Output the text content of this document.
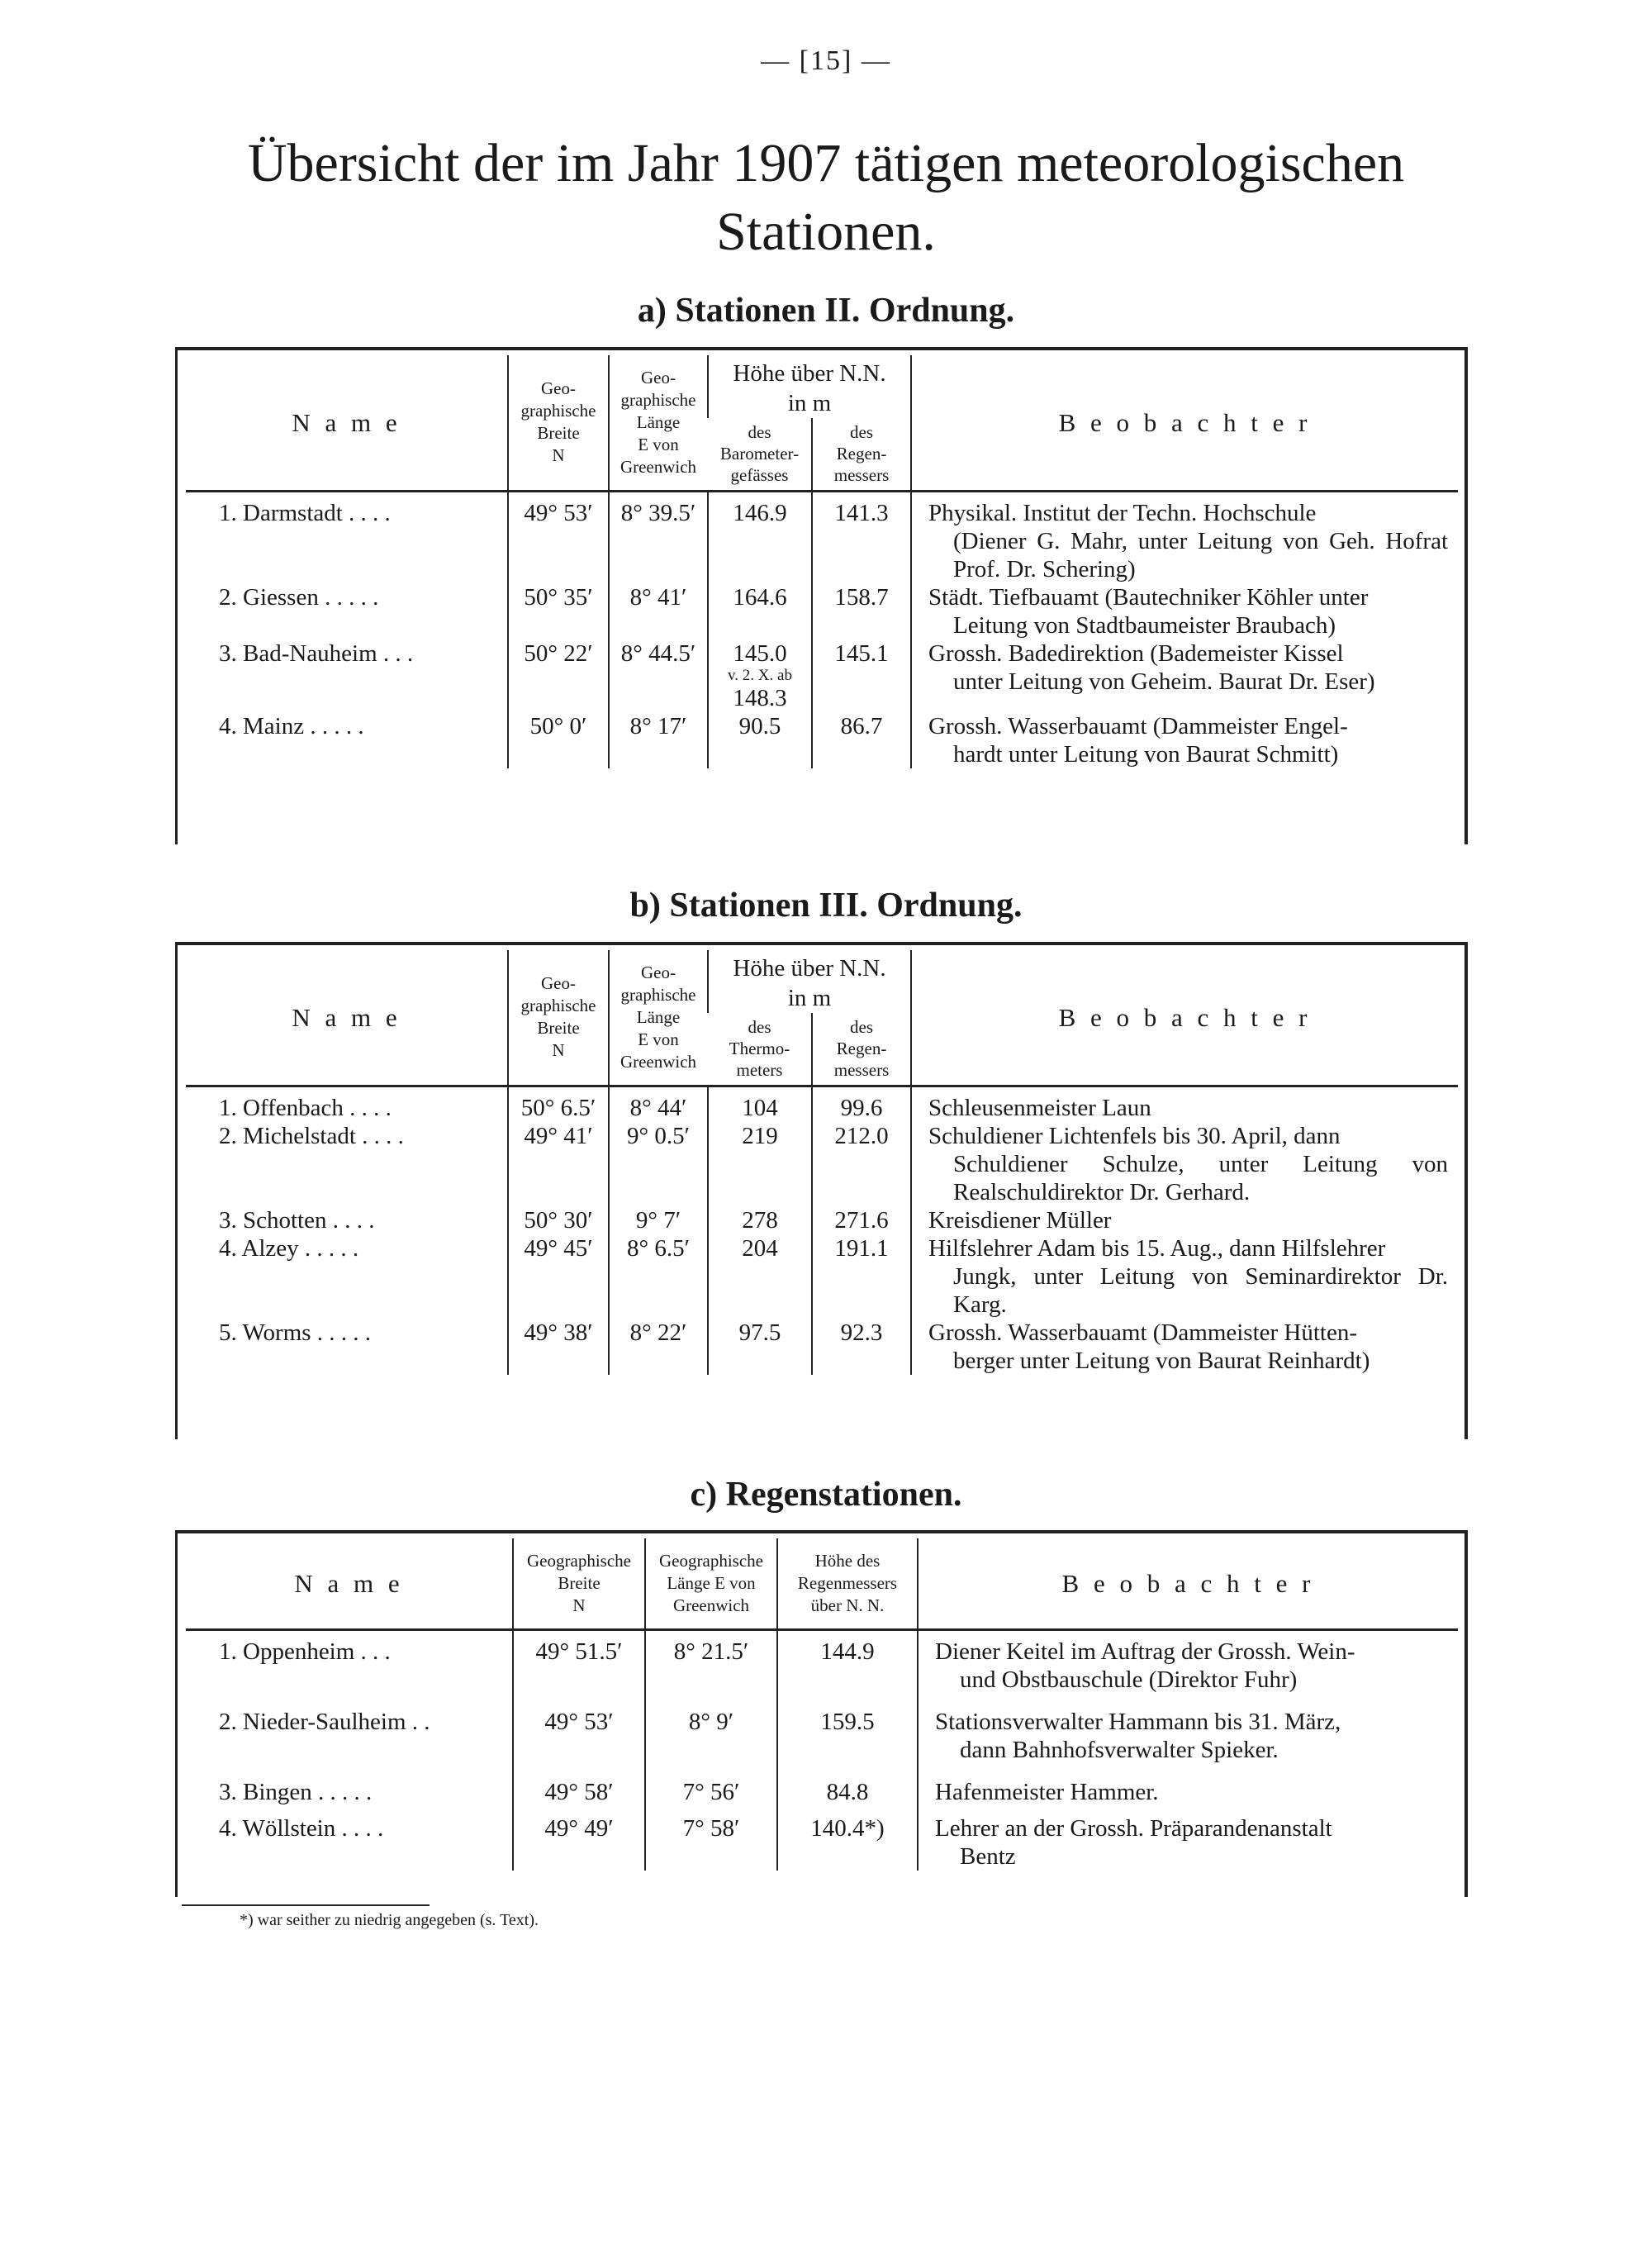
— [15] —
Übersicht der im Jahr 1907 tätigen meteorologischen
Stationen.
a) Stationen II. Ordnung.
N a m e	Geo-
graphische
Breite
N	Geo-
graphische
Länge
E von
Greenwich	Höhe über N.N.
in m		B e o b a c h t e r
			des
Barometer-
gefässes	des
Regen-
messers	

1. Darmstadt . . . .	49° 53′	8° 39.5′	146.9	141.3	Physikal. Institut der Techn. Hochschule
(Diener G. Mahr, unter Leitung von Geh. Hofrat Prof. Dr. Schering)

2. Giessen . . . . .	50° 35′	8° 41′	164.6	158.7	Städt. Tiefbauamt (Bautechniker Köhler unter
Leitung von Stadtbaumeister Braubach)

3. Bad-Nauheim . . .	50° 22′	8° 44.5′	145.0
v. 2. X. ab
148.3	145.1	Grossh. Badedirektion (Bademeister Kissel
unter Leitung von Geheim. Baurat Dr. Eser)

4. Mainz . . . . .	50° 0′	8° 17′	90.5	86.7	Grossh. Wasserbauamt (Dammeister Engel-
hardt unter Leitung von Baurat Schmitt)
b) Stationen III. Ordnung.
N a m e	Geo-
graphische
Breite
N	Geo-
graphische
Länge
E von
Greenwich	Höhe über N.N.
in m		B e o b a c h t e r
			des
Thermo-
meters	des
Regen-
messers	

1. Offenbach . . . .	50° 6.5′	8° 44′	104	99.6	Schleusenmeister Laun
2. Michelstadt . . . .	49° 41′	9° 0.5′	219	212.0	Schuldiener Lichtenfels bis 30. April, dann
Schuldiener Schulze, unter Leitung von Realschuldirektor Dr. Gerhard.

3. Schotten . . . .	50° 30′	9° 7′	278	271.6	Kreisdiener Müller
4. Alzey . . . . .	49° 45′	8° 6.5′	204	191.1	Hilfslehrer Adam bis 15. Aug., dann Hilfslehrer
Jungk, unter Leitung von Seminardirektor Dr. Karg.

5. Worms . . . . .	49° 38′	8° 22′	97.5	92.3	Grossh. Wasserbauamt (Dammeister Hütten-
berger unter Leitung von Baurat Reinhardt)
c) Regenstationen.
N a m e	Geographische
Breite
N	Geographische
Länge E von
Greenwich	Höhe des
Regenmessers
über N. N.	B e o b a c h t e r

1. Oppenheim . . .	49° 51.5′	8° 21.5′	144.9	Diener Keitel im Auftrag der Grossh. Wein-
und Obstbauschule (Direktor Fuhr)

2. Nieder-Saulheim . .	49° 53′	8° 9′	159.5	Stationsverwalter Hammann bis 31. März,
dann Bahnhofsverwalter Spieker.

3. Bingen . . . . .	49° 58′	7° 56′	84.8	Hafenmeister Hammer.
4. Wöllstein . . . .	49° 49′	7° 58′	140.4*)	Lehrer an der Grossh. Präparandenanstalt
Bentz
*) war seither zu niedrig angegeben (s. Text).
